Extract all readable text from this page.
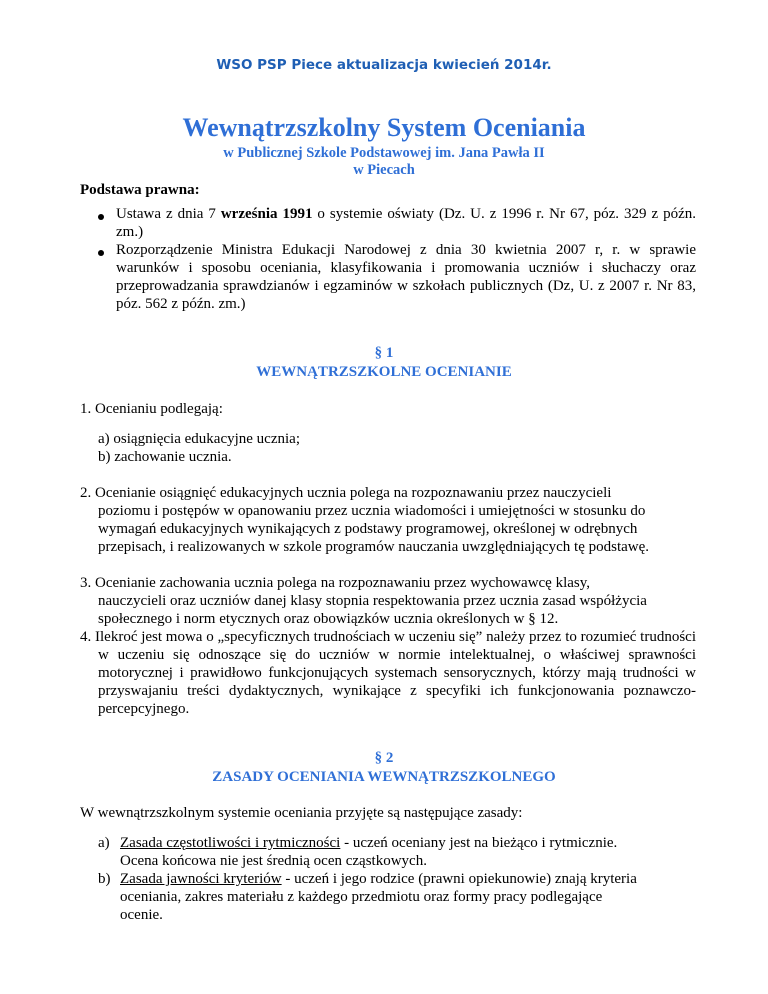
WSO PSP Piece aktualizacja kwiecień 2014r.
Wewnątrzszkolny System Oceniania
w Publicznej Szkole Podstawowej im. Jana Pawła II
w Piecach
Podstawa prawna:
Ustawa z dnia 7 września 1991 o systemie oświaty (Dz. U. z 1996 r. Nr 67, póz. 329 z późn. zm.)
Rozporządzenie Ministra Edukacji Narodowej z dnia 30 kwietnia 2007 r, r. w sprawie warunków i sposobu oceniania, klasyfikowania i promowania uczniów i słuchaczy oraz przeprowadzania sprawdzianów i egzaminów w szkołach publicznych (Dz, U. z 2007 r. Nr 83, póz. 562 z późn. zm.)
§ 1
WEWNĄTRZSZKOLNE OCENIANIE
1. Ocenianiu podlegają:
a) osiągnięcia edukacyjne ucznia;
b) zachowanie ucznia.
2. Ocenianie osiągnięć edukacyjnych ucznia polega na rozpoznawaniu przez nauczycieli
poziomu i postępów w opanowaniu przez ucznia wiadomości i umiejętności w stosunku do
wymagań edukacyjnych wynikających z podstawy programowej, określonej w odrębnych
przepisach, i realizowanych w szkole programów nauczania uwzględniających tę podstawę.
3. Ocenianie zachowania ucznia polega na rozpoznawaniu przez wychowawcę klasy,
nauczycieli oraz uczniów danej klasy stopnia respektowania przez ucznia zasad współżycia
społecznego i norm etycznych oraz obowiązków ucznia określonych w § 12.
4. Ilekroć jest mowa o „specyficznych trudnościach w uczeniu się” należy przez to rozumieć trudności w uczeniu się odnoszące się do uczniów w normie intelektualnej, o właściwej sprawności motorycznej i prawidłowo funkcjonujących systemach sensorycznych, którzy mają trudności w przyswajaniu treści dydaktycznych, wynikające z specyfiki ich funkcjonowania poznawczo-percepcyjnego.
§ 2
ZASADY OCENIANIA WEWNĄTRZSZKOLNEGO
W wewnątrzszkolnym systemie oceniania przyjęte są następujące zasady:
a) Zasada częstotliwości i rytmiczności - uczeń oceniany jest na bieżąco i rytmicznie.
Ocena końcowa nie jest średnią ocen cząstkowych.
b) Zasada jawności kryteriów - uczeń i jego rodzice (prawni opiekunowie) znają kryteria
oceniania, zakres materiału z każdego przedmiotu oraz formy pracy podlegające
ocenie.
